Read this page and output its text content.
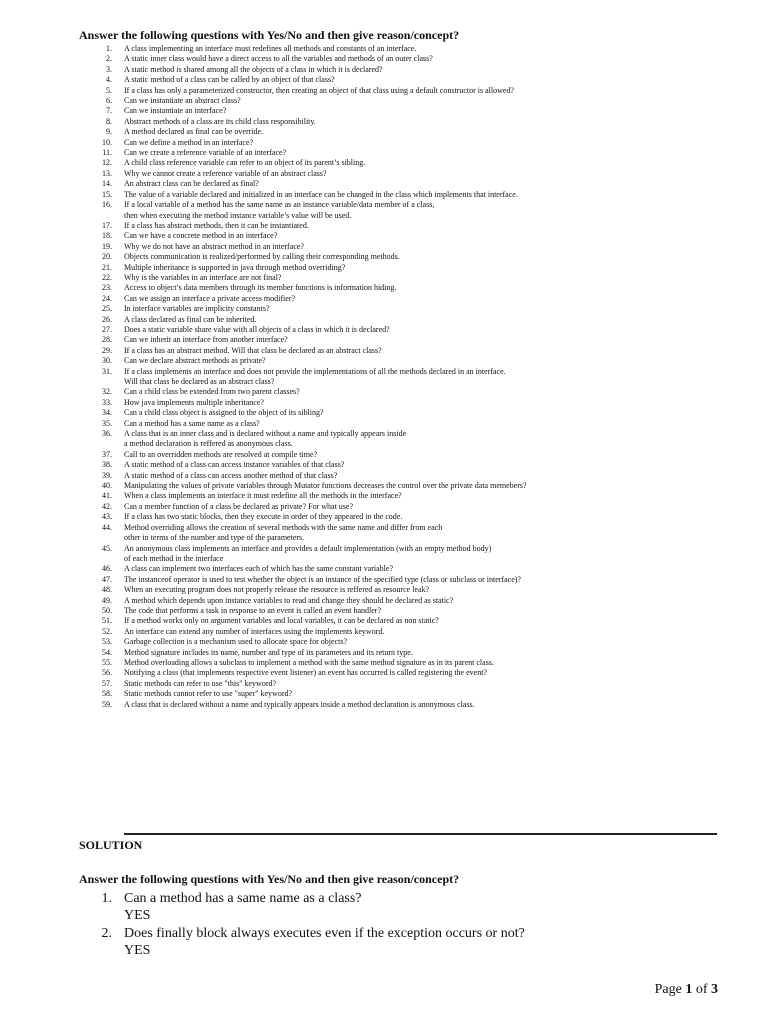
Answer the following questions with Yes/No and then give reason/concept?
1. A class implementing an interface must redefines all methods and constants of an interface.
2. A static inner class would have a direct access to all the variables and methods of an outer class?
3. A static method is shared among all the objects of a class in which it is declared?
4. A static method of a class can be called by an object of that class?
5. If a class has only a parameterized constructor, then creating an object of that class using a default constructor is allowed?
6. Can we instantiate an abstract class?
7. Can we instantiate an interface?
8. Abstract methods of a class are its child class responsibility.
9. A method declared as final can be override.
10. Can we define a method in an interface?
11. Can we create a reference variable of an interface?
12. A child class reference variable can refer to an object of its parent’s sibling.
13. Why we cannot create a reference variable of an abstract class?
14. An abstract class can be declared as final?
15. The value of a variable declared and initialized in an interface can be changed in the class which implements that interface.
16. If a local variable of a method has the same name as an instance variable/data member of a class,
then when executing the method instance variable’s value will be used.
17. If a class has abstract methods, then it can be instantiated.
18. Can we have a concrete method in an interface?
19. Why we do not have an abstract method in an interface?
20. Objects communication is realized/performed by calling their corresponding methods.
21. Multiple inheritance is supported in java through method overriding?
22. Why is the variables in an interface are not final?
23. Access to object’s data members through its member functions is information hiding.
24. Can we assign an interface a private access modifier?
25. In interface variables are implicity constants?
26. A class declared as final can be inherited.
27. Does a static variable share value with all objects of a class in which it is declared?
28. Can we inherit an interface from another interface?
29. If a class has an abstract method. Will that class be declared as an abstract class?
30. Can we declare abstract methods as private?
31. If a class implements an interface and does not provide the implementations of all the methods declared in an interface.
Will that class be declared as an abstract class?
32. Can a child class be extended from two parent classes?
33. How java implements multiple inheritance?
34. Can a child class object is assigned to the object of its sibling?
35. Can a method has a same name as a class?
36. A class that is an inner class and is declared without a name and typically appears inside
a method declaration is reffered as anonymous class.
37. Call to an overridden methods are resolved at compile time?
38. A static method of a class can access instance variables of that class?
39. A static method of a class can access another method of that class?
40. Manipulating the values of private variables through Mutator functions decreases the control over the private data memebers?
41. When a class implements an interface it must redefine all the methods in the interface?
42. Can a member function of a class be declared as private? For what use?
43. If a class has two static blocks, then they execute in order of they appeared in the code.
44. Method overriding allows the creation of several methods with the same name and differ from each
other in terms of the number and type of the parameters.
45. An anonymous class implements an interface and provides a default implementation (with an empty method body)
of each method in the interface
46. A class can implement two interfaces each of which has the same constant variable?
47. The instanceof operator is used to test whether the object is an instance of the specified type (class or subclass or interface)?
48. When an executing program does not properly release the resource is reffered as resource leak?
49. A method which depends upon instance variables to read and change they should be declared as static?
50. The code that performs a task in response to an event is called an event handler?
51. If a method works only on argument variables and local variables, it can be declared as non static?
52. An interface can extend any number of interfaces using the implements keyword.
53. Garbage collection is a mechanism used to allocate space for objects?
54. Method signature includes its name, number and type of its parameters and its return type.
55. Method overloading allows a subclass to implement a method with the same method signature as in its parent class.
56. Notifying a class (that implements respective event listener) an event has occurred is called registering the event?
57. Static methods can refer to use "this" keyword?
58. Static methods cannot refer to use "super" keyword?
59. A class that is declared without a name and typically appears inside a method declaration is anonymous class.
SOLUTION
Answer the following questions with Yes/No and then give reason/concept?
1. Can a method has a same name as a class?
YES
2. Does finally block always executes even if the exception occurs or not?
YES
Page 1 of 3
